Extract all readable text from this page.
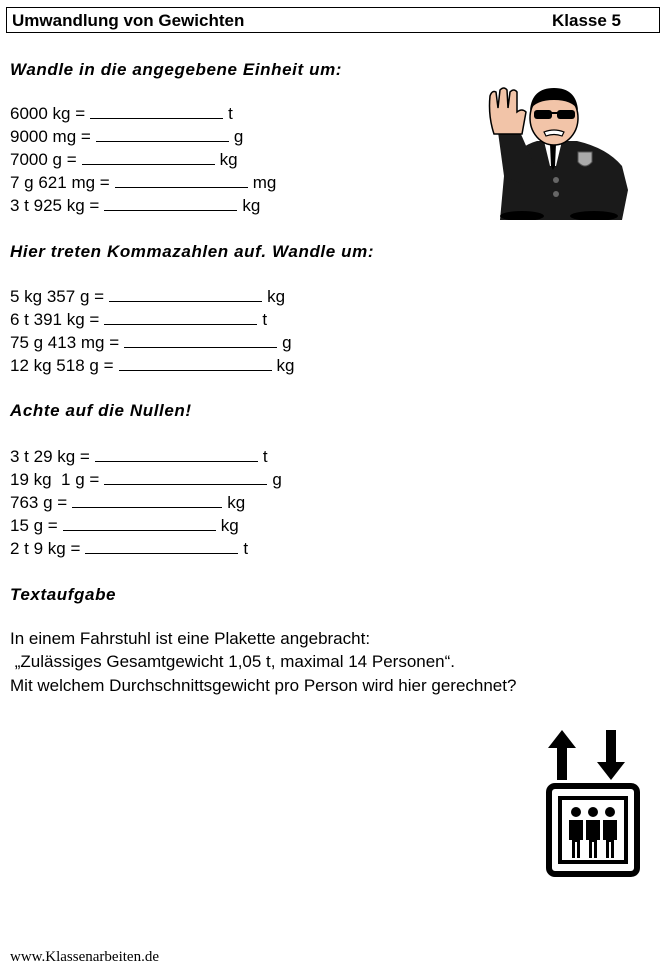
Umwandlung von Gewichten	Klasse 5
Wandle in die angegebene Einheit um:
6000 kg =	t
9000 mg =	g
7000 g =	kg
7 g 621 mg =	mg
3 t 925 kg =	kg
Hier treten Kommazahlen auf. Wandle um:
5 kg 357 g =	kg
6 t 391 kg =	t
75 g 413 mg =	g
12 kg 518 g =	kg
Achte auf die Nullen!
3 t 29 kg =	t
19 kg  1 g =	g
763 g =	kg
15 g =	kg
2 t 9 kg =	t
Textaufgabe
In einem Fahrstuhl ist eine Plakette angebracht:
„Zulässiges Gesamtgewicht 1,05 t, maximal 14 Personen“.
Mit welchem Durchschnittsgewicht pro Person wird hier gerechnet?
www.Klassenarbeiten.de
